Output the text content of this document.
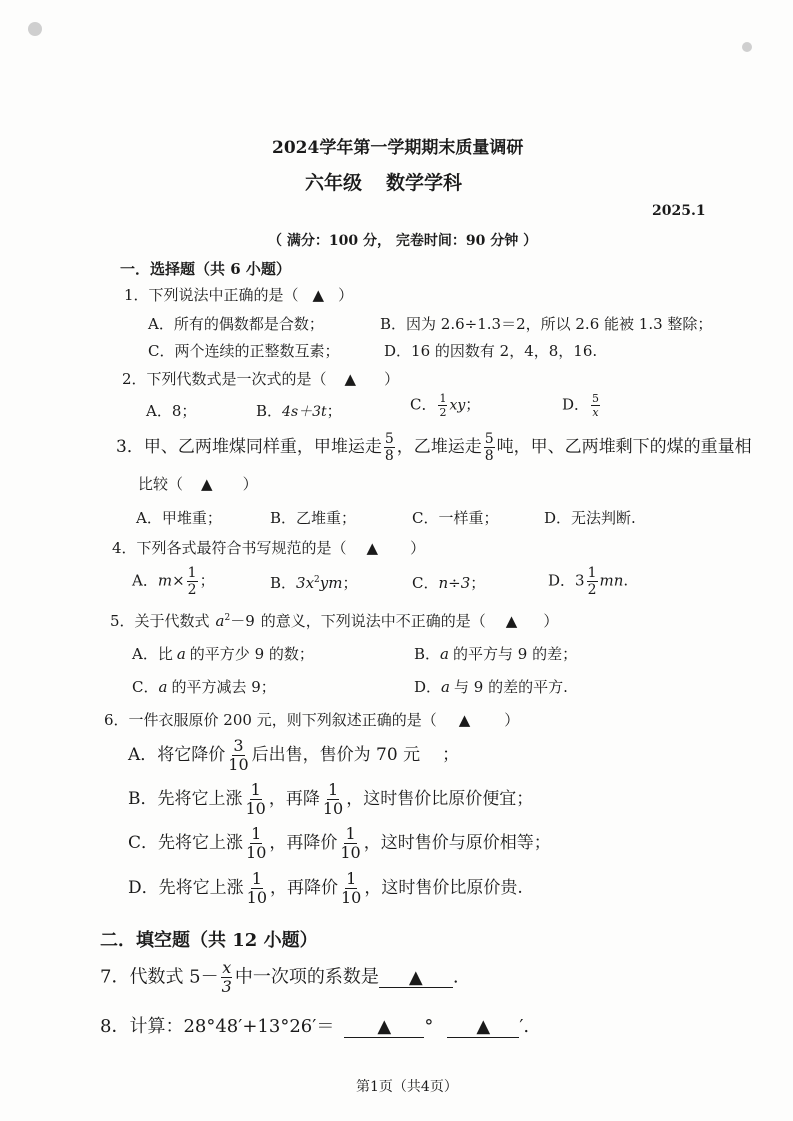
2024学年第一学期期末质量调研
六年级 数学学科
2025.1
（ 满分：100 分， 完卷时间：90 分钟 ）
一．选择题（共 6 小题）
1．下列说法中正确的是（ ▲ ）
A．所有的偶数都是合数；	B．因为 2.6÷1.3＝2，所以 2.6 能被 1.3 整除；
C．两个连续的正整数互素；	D．16 的因数有 2，4，8，16.
2．下列代数式是一次式的是（ ▲ ）
A．8；	B．4s＋3t；	C． $\frac{1}{2}$ xy；	D． $\frac{5}{x}$
3．甲、乙两堆煤同样重，甲堆运走 $\frac{5}{8}$ ，乙堆运走 $\frac{5}{8}$ 吨，甲、乙两堆剩下的煤的重量相
比较（ ▲ ）
A．甲堆重；	B．乙堆重；	C．一样重；	D．无法判断.
4．下列各式最符合书写规范的是（ ▲ ）
A．$m\times \frac{1}{2}$ ；	B．$3x^2ym$；	C．n÷3；	D．$3 \frac{1}{2}$ mn.
5．关于代数式 $a^2-9$ 的意义，下列说法中不正确的是（ ▲ ）
A．比 a 的平方少 9 的数；	B．a 的平方与 9 的差；
C．a 的平方减去 9；	D．a 与 9 的差的平方.
6．一件衣服原价 200 元，则下列叙述正确的是（ ▲ ）
A．将它降价 $\frac{3}{10}$ 后出售，售价为 70 元 ；
B．先将它上涨 $\frac{1}{10}$ ，再降 $\frac{1}{10}$ ，这时售价比原价便宜；
C．先将它上涨 $\frac{1}{10}$ ，再降价 $\frac{1}{10}$ ，这时售价与原价相等；
D．先将它上涨 $\frac{1}{10}$ ，再降价 $\frac{1}{10}$ ，这时售价比原价贵.
二．填空题（共 12 小题）
7．代数式 $5- \frac{x}{3}$ 中一次项的系数是 ▲ .
8．计算：28°48′+13°26′＝ ▲ ° ▲ ′.
第1页（共4页）
